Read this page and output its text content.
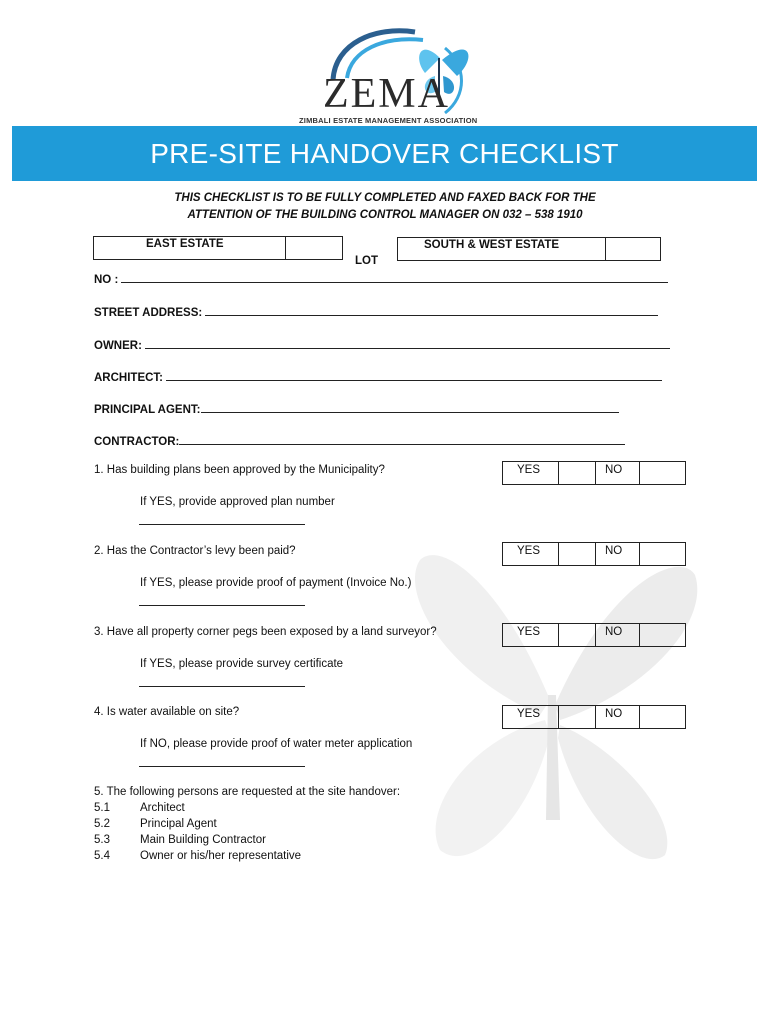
ZEMA
ZIMBALI ESTATE MANAGEMENT ASSOCIATION
PRE-SITE HANDOVER CHECKLIST
THIS CHECKLIST IS TO BE FULLY COMPLETED AND FAXED BACK FOR THE
ATTENTION OF THE BUILDING CONTROL MANAGER ON 032 – 538 1910
EAST ESTATE	SOUTH & WEST ESTATE
LOT
NO :
STREET ADDRESS:
OWNER:
ARCHITECT:
PRINCIPAL AGENT:
CONTRACTOR:
1. Has building plans been approved by the Municipality?	YES	NO
If YES, provide approved plan number
2. Has the Contractor’s levy been paid?	YES	NO
If YES, please provide proof of payment (Invoice No.)
3. Have all property corner pegs been exposed by a land surveyor?	YES	NO
If YES, please provide survey certificate
4. Is water available on site?	YES	NO
If NO, please provide proof of water meter application
5. The following persons are requested at the site handover:
5.1	Architect
5.2	Principal Agent
5.3	Main Building Contractor
5.4	Owner or his/her representative
